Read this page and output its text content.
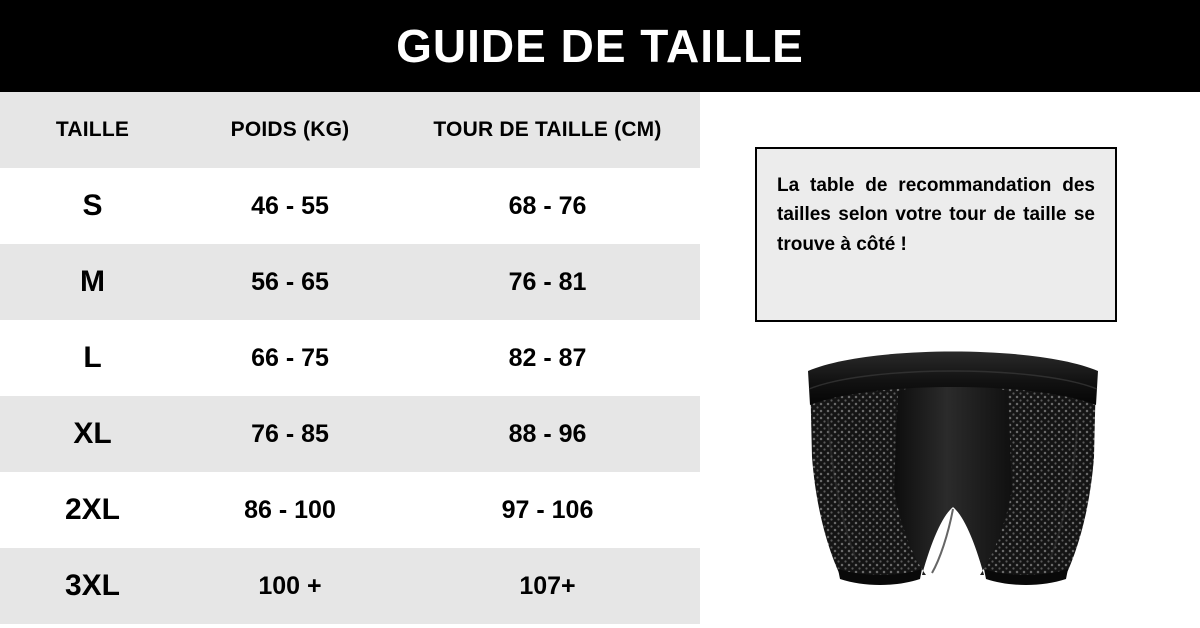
GUIDE DE TAILLE
TAILLE	POIDS (KG)	TOUR DE TAILLE (CM)
S	46 - 55	68 - 76
M	56 - 65	76 - 81
L	66 - 75	82 - 87
XL	76 - 85	88 - 96
2XL	86 - 100	97 - 106
3XL	100 +	107+
La table de recommandation des tailles selon votre tour de taille se trouve à côté !
